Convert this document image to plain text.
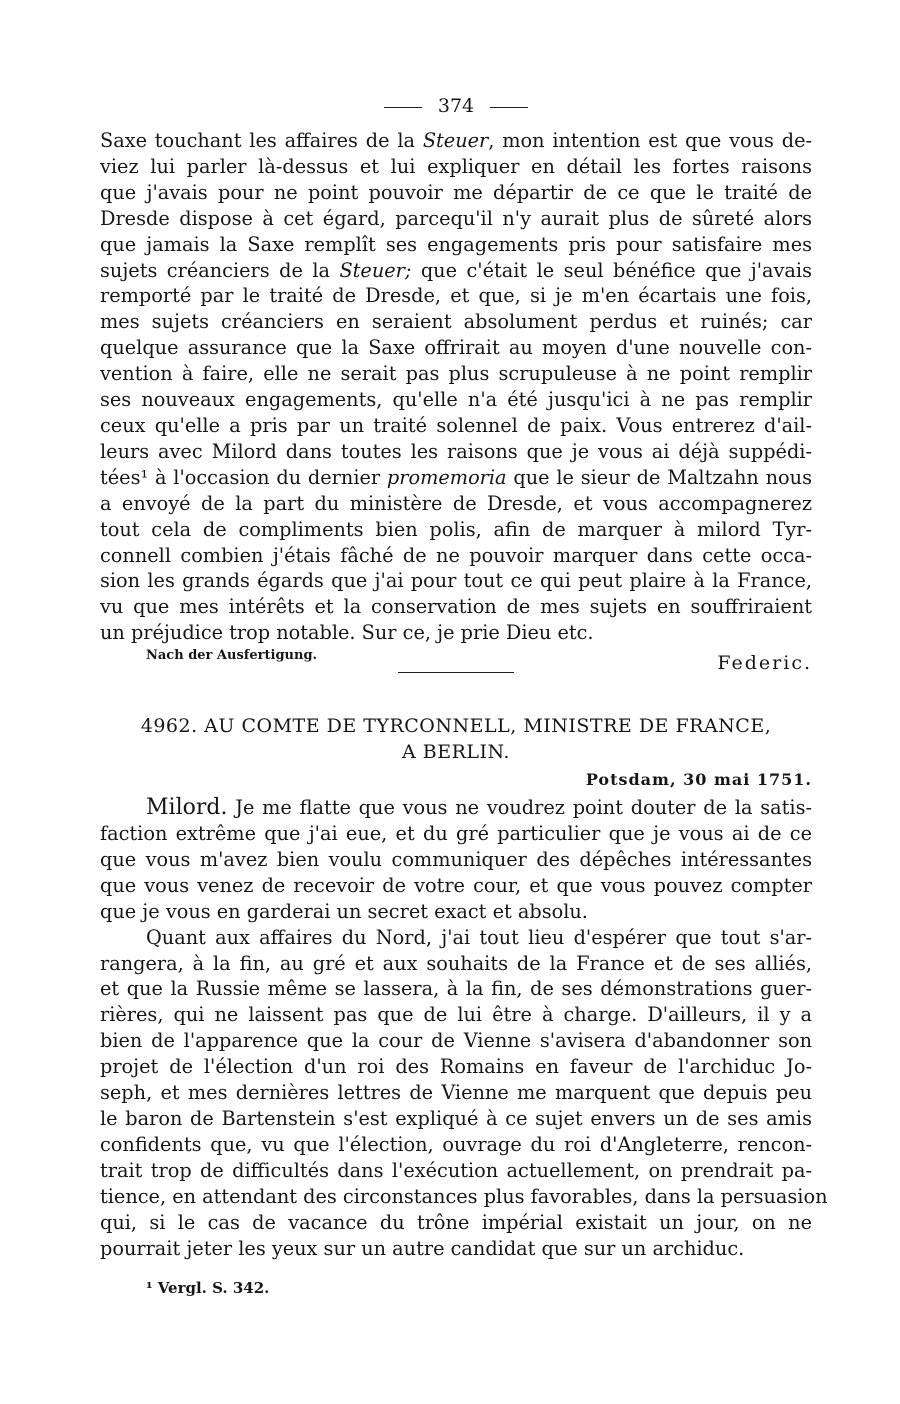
374
Saxe touchant les affaires de la Steuer, mon intention est que vous de-
viez lui parler là-dessus et lui expliquer en détail les fortes raisons
que j'avais pour ne point pouvoir me départir de ce que le traité de
Dresde dispose à cet égard, parcequ'il n'y aurait plus de sûreté alors
que jamais la Saxe remplît ses engagements pris pour satisfaire mes
sujets créanciers de la Steuer; que c'était le seul bénéfice que j'avais
remporté par le traité de Dresde, et que, si je m'en écartais une fois,
mes sujets créanciers en seraient absolument perdus et ruinés; car
quelque assurance que la Saxe offrirait au moyen d'une nouvelle con-
vention à faire, elle ne serait pas plus scrupuleuse à ne point remplir
ses nouveaux engagements, qu'elle n'a été jusqu'ici à ne pas remplir
ceux qu'elle a pris par un traité solennel de paix. Vous entrerez d'ail-
leurs avec Milord dans toutes les raisons que je vous ai déjà suppédi-
tées¹ à l'occasion du dernier promemoria que le sieur de Maltzahn nous
a envoyé de la part du ministère de Dresde, et vous accompagnerez
tout cela de compliments bien polis, afin de marquer à milord Tyr-
connell combien j'étais fâché de ne pouvoir marquer dans cette occa-
sion les grands égards que j'ai pour tout ce qui peut plaire à la France,
vu que mes intérêts et la conservation de mes sujets en souffriraient
un préjudice trop notable. Sur ce, je prie Dieu etc.
Federic.
Nach der Ausfertigung.
4962. AU COMTE DE TYRCONNELL, MINISTRE DE FRANCE,
A BERLIN.
Potsdam, 30 mai 1751.
Milord. Je me flatte que vous ne voudrez point douter de la satis-
faction extrême que j'ai eue, et du gré particulier que je vous ai de ce
que vous m'avez bien voulu communiquer des dépêches intéressantes
que vous venez de recevoir de votre cour, et que vous pouvez compter
que je vous en garderai un secret exact et absolu.
Quant aux affaires du Nord, j'ai tout lieu d'espérer que tout s'ar-
rangera, à la fin, au gré et aux souhaits de la France et de ses alliés,
et que la Russie même se lassera, à la fin, de ses démonstrations guer-
rières, qui ne laissent pas que de lui être à charge. D'ailleurs, il y a
bien de l'apparence que la cour de Vienne s'avisera d'abandonner son
projet de l'élection d'un roi des Romains en faveur de l'archiduc Jo-
seph, et mes dernières lettres de Vienne me marquent que depuis peu
le baron de Bartenstein s'est expliqué à ce sujet envers un de ses amis
confidents que, vu que l'élection, ouvrage du roi d'Angleterre, rencon-
trait trop de difficultés dans l'exécution actuellement, on prendrait pa-
tience, en attendant des circonstances plus favorables, dans la persuasion
qui, si le cas de vacance du trône impérial existait un jour, on ne
pourrait jeter les yeux sur un autre candidat que sur un archiduc.
¹ Vergl. S. 342.
